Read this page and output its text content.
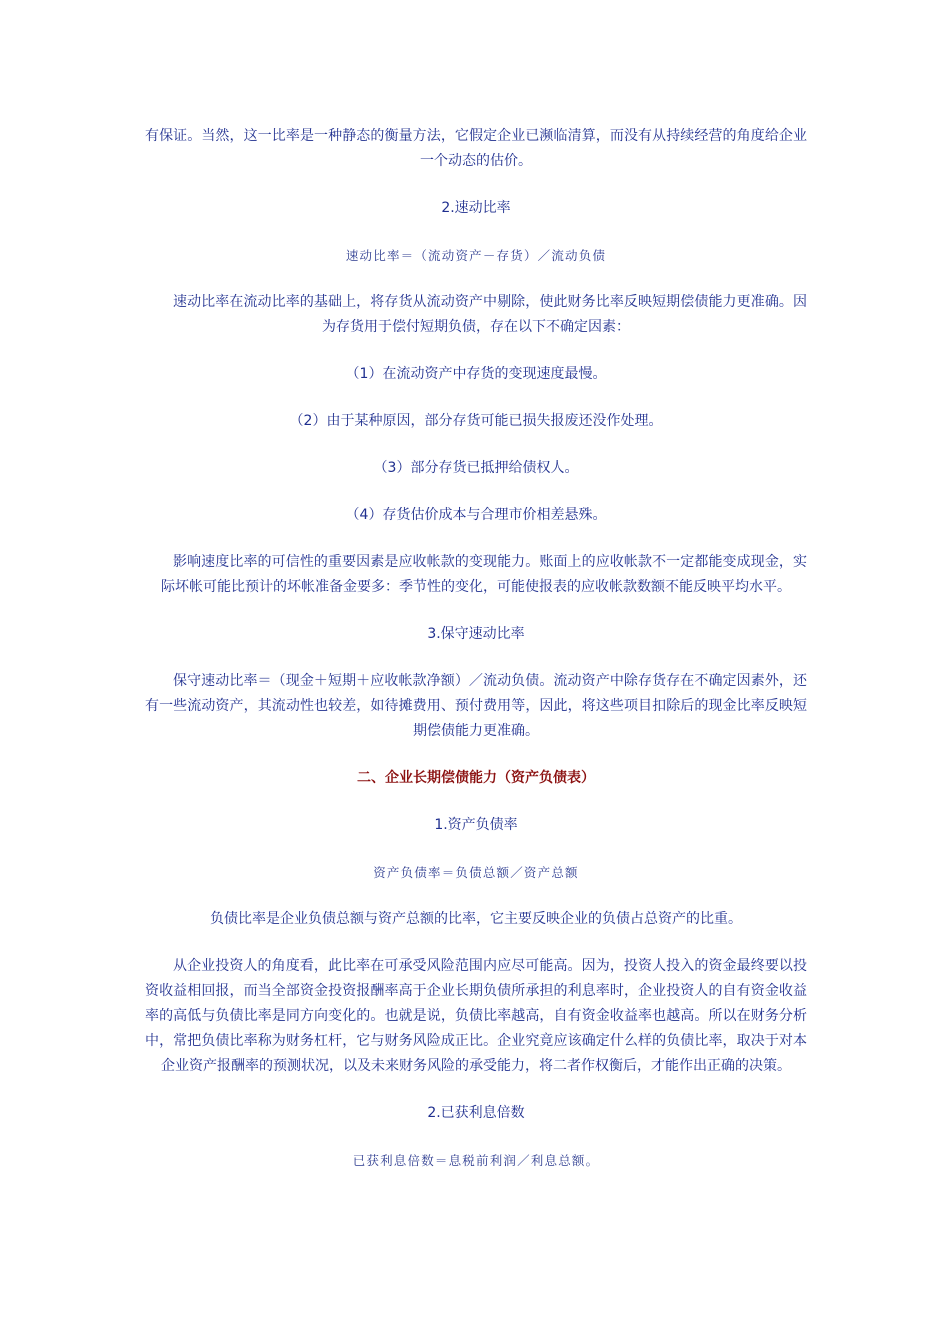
有保证。当然，这一比率是一种静态的衡量方法，它假定企业已濒临清算，而没有从持续经营的角度给企业一个动态的估价。

2.速动比率

速动比率＝（流动资产－存货）／流动负债

速动比率在流动比率的基础上，将存货从流动资产中剔除，使此财务比率反映短期偿债能力更准确。因为存货用于偿付短期负债，存在以下不确定因素：

（1）在流动资产中存货的变现速度最慢。

（2）由于某种原因，部分存货可能已损失报废还没作处理。

（3）部分存货已抵押给债权人。

（4）存货估价成本与合理市价相差悬殊。

影响速度比率的可信性的重要因素是应收帐款的变现能力。账面上的应收帐款不一定都能变成现金，实际坏帐可能比预计的坏帐准备金要多：季节性的变化，可能使报表的应收帐款数额不能反映平均水平。

3.保守速动比率

保守速动比率＝（现金＋短期＋应收帐款净额）／流动负债。流动资产中除存货存在不确定因素外，还有一些流动资产，其流动性也较差，如待摊费用、预付费用等，因此，将这些项目扣除后的现金比率反映短期偿债能力更准确。

二、企业长期偿债能力（资产负债表）

1.资产负债率

资产负债率＝负债总额／资产总额

负债比率是企业负债总额与资产总额的比率，它主要反映企业的负债占总资产的比重。

从企业投资人的角度看，此比率在可承受风险范围内应尽可能高。因为，投资人投入的资金最终要以投资收益相回报，而当全部资金投资报酬率高于企业长期负债所承担的利息率时，企业投资人的自有资金收益率的高低与负债比率是同方向变化的。也就是说，负债比率越高，自有资金收益率也越高。所以在财务分析中，常把负债比率称为财务杠杆，它与财务风险成正比。企业究竟应该确定什么样的负债比率，取决于对本企业资产报酬率的预测状况，以及未来财务风险的承受能力，将二者作权衡后，才能作出正确的决策。

2.已获利息倍数

已获利息倍数＝息税前利润／利息总额。
